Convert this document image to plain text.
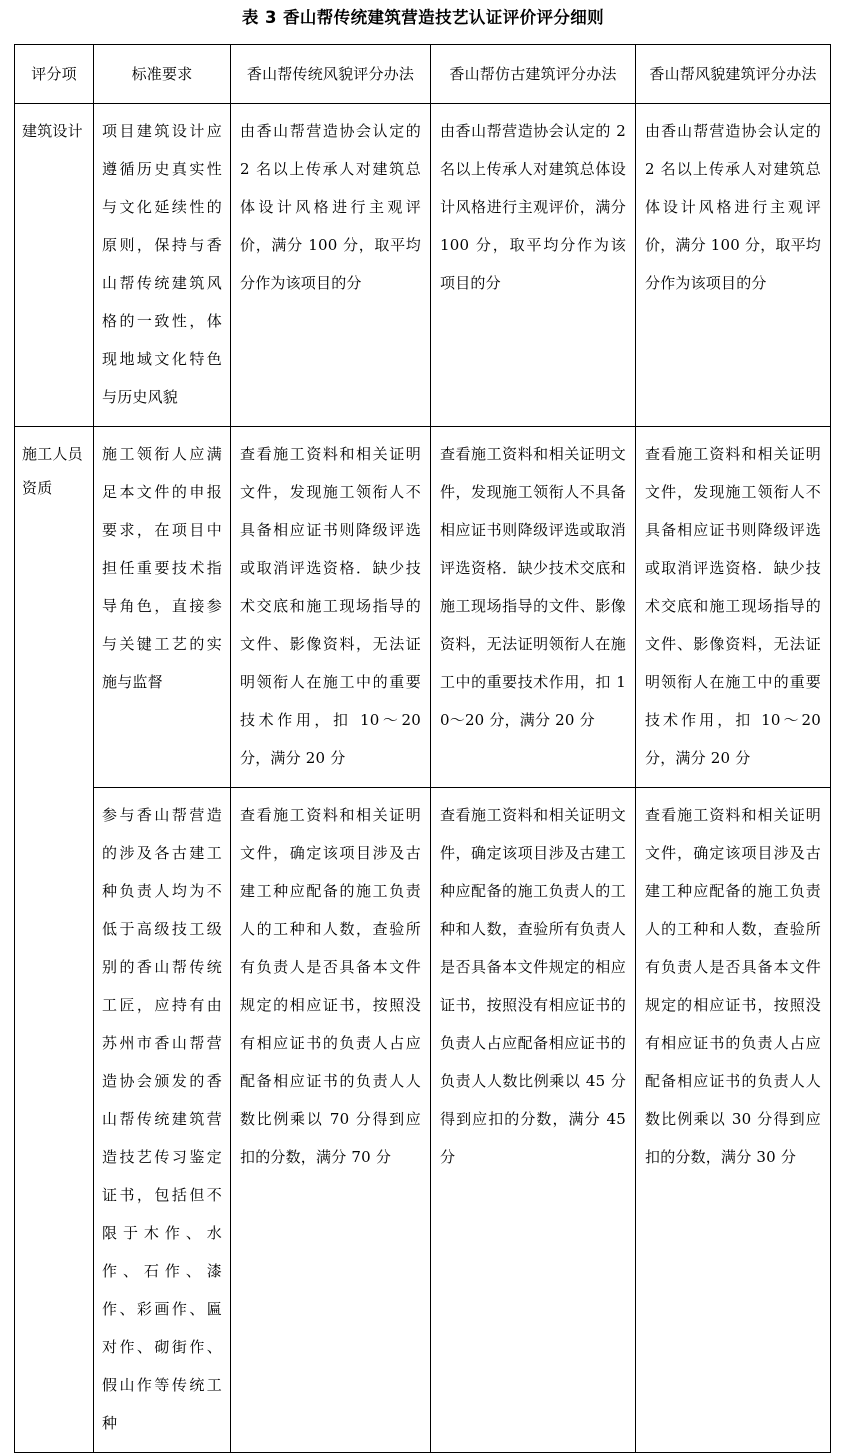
表 3 香山帮传统建筑营造技艺认证评价评分细则
评分项	标准要求	香山帮传统风貌评分办法	香山帮仿古建筑评分办法	香山帮风貌建筑评分办法

建筑设计	项目建筑设计应遵循历史真实性与文化延续性的原则，保持与香山帮传统建筑风格的一致性，体现地域文化特色与历史风貌	由香山帮营造协会认定的 2 名以上传承人对建筑总体设计风格进行主观评价，满分 100 分，取平均分作为该项目的分	由香山帮营造协会认定的 2 名以上传承人对建筑总体设计风格进行主观评价，满分 100 分，取平均分作为该项目的分	由香山帮营造协会认定的 2 名以上传承人对建筑总体设计风格进行主观评价，满分 100 分，取平均分作为该项目的分

施工人员资质	施工领衔人应满足本文件的申报要求，在项目中担任重要技术指导角色，直接参与关键工艺的实施与监督	查看施工资料和相关证明文件，发现施工领衔人不具备相应证书则降级评选或取消评选资格．缺少技术交底和施工现场指导的文件、影像资料，无法证明领衔人在施工中的重要技术作用，扣 10～20 分，满分 20 分	查看施工资料和相关证明文件，发现施工领衔人不具备相应证书则降级评选或取消评选资格．缺少技术交底和施工现场指导的文件、影像资料，无法证明领衔人在施工中的重要技术作用，扣 10～20 分，满分 20 分	查看施工资料和相关证明文件，发现施工领衔人不具备相应证书则降级评选或取消评选资格．缺少技术交底和施工现场指导的文件、影像资料，无法证明领衔人在施工中的重要技术作用，扣 10～20 分，满分 20 分

	参与香山帮营造的涉及各古建工种负责人均为不低于高级技工级别的香山帮传统工匠，应持有由苏州市香山帮营造协会颁发的香山帮传统建筑营造技艺传习鉴定证书，包括但不限于木作、水作、石作、漆作、彩画作、匾对作、砌街作、假山作等传统工种	查看施工资料和相关证明文件，确定该项目涉及古建工种应配备的施工负责人的工种和人数，查验所有负责人是否具备本文件规定的相应证书，按照没有相应证书的负责人占应配备相应证书的负责人人数比例乘以 70 分得到应扣的分数，满分 70 分	查看施工资料和相关证明文件，确定该项目涉及古建工种应配备的施工负责人的工种和人数，查验所有负责人是否具备本文件规定的相应证书，按照没有相应证书的负责人占应配备相应证书的负责人人数比例乘以 45 分得到应扣的分数，满分 45 分	查看施工资料和相关证明文件，确定该项目涉及古建工种应配备的施工负责人的工种和人数，查验所有负责人是否具备本文件规定的相应证书，按照没有相应证书的负责人占应配备相应证书的负责人人数比例乘以 30 分得到应扣的分数，满分 30 分
